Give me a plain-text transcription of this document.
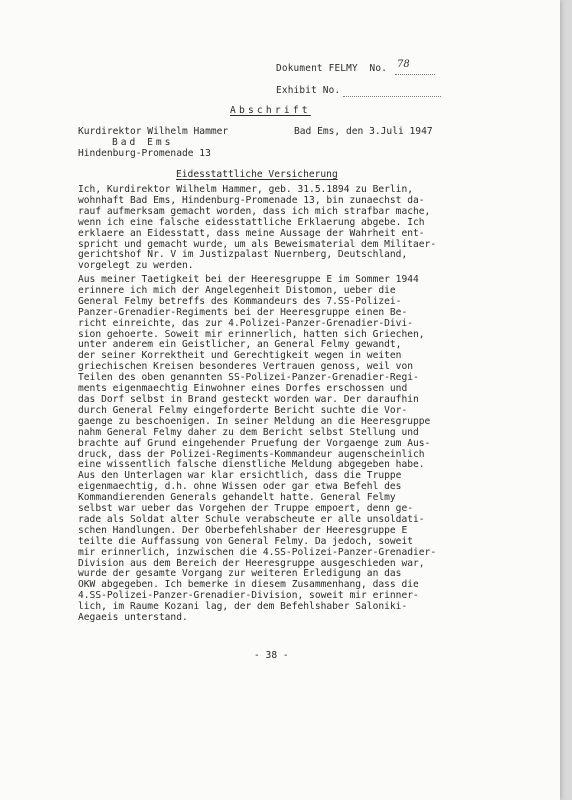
Dokument FELMY  No. 78
Exhibit No.
Abschrift
Kurdirektor Wilhelm Hammer
Bad Ems
Hindenburg-Promenade 13
Bad Ems, den 3.Juli 1947
Eidesstattliche Versicherung
Ich, Kurdirektor Wilhelm Hammer, geb. 31.5.1894 zu Berlin,
wohnhaft Bad Ems, Hindenburg-Promenade 13, bin zunaechst da-
rauf aufmerksam gemacht worden, dass ich mich strafbar mache,
wenn ich eine falsche eidesstattliche Erklaerung abgebe. Ich
erklaere an Eidesstatt, dass meine Aussage der Wahrheit ent-
spricht und gemacht wurde, um als Beweismaterial dem Militaer-
gerichtshof Nr. V im Justizpalast Nuernberg, Deutschland,
vorgelegt zu werden.
Aus meiner Taetigkeit bei der Heeresgruppe E im Sommer 1944
erinnere ich mich der Angelegenheit Distomon, ueber die
General Felmy betreffs des Kommandeurs des 7.SS-Polizei-
Panzer-Grenadier-Regiments bei der Heeresgruppe einen Be-
richt einreichte, das zur 4.Polizei-Panzer-Grenadier-Divi-
sion gehoerte. Soweit mir erinnerlich, hatten sich Griechen,
unter anderem ein Geistlicher, an General Felmy gewandt,
der seiner Korrektheit und Gerechtigkeit wegen in weiten
griechischen Kreisen besonderes Vertrauen genoss, weil von
Teilen des oben genannten SS-Polizei-Panzer-Grenadier-Regi-
ments eigenmaechtig Einwohner eines Dorfes erschossen und
das Dorf selbst in Brand gesteckt worden war. Der daraufhin
durch General Felmy eingeforderte Bericht suchte die Vor-
gaenge zu beschoenigen. In seiner Meldung an die Heeresgruppe
nahm General Felmy daher zu dem Bericht selbst Stellung und
brachte auf Grund eingehender Pruefung der Vorgaenge zum Aus-
druck, dass der Polizei-Regiments-Kommandeur augenscheinlich
eine wissentlich falsche dienstliche Meldung abgegeben habe.
Aus den Unterlagen war klar ersichtlich, dass die Truppe
eigenmaechtig, d.h. ohne Wissen oder gar etwa Befehl des
Kommandierenden Generals gehandelt hatte. General Felmy
selbst war ueber das Vorgehen der Truppe empoert, denn ge-
rade als Soldat alter Schule verabscheute er alle unsoldati-
schen Handlungen. Der Oberbefehlshaber der Heeresgruppe E
teilte die Auffassung von General Felmy. Da jedoch, soweit
mir erinnerlich, inzwischen die 4.SS-Polizei-Panzer-Grenadier-
Division aus dem Bereich der Heeresgruppe ausgeschieden war,
wurde der gesamte Vorgang zur weiteren Erledigung an das
OKW abgegeben. Ich bemerke in diesem Zusammenhang, dass die
4.SS-Polizei-Panzer-Grenadier-Division, soweit mir erinner-
lich, im Raume Kozani lag, der dem Befehlshaber Saloniki-
Aegaeis unterstand.
- 38 -
